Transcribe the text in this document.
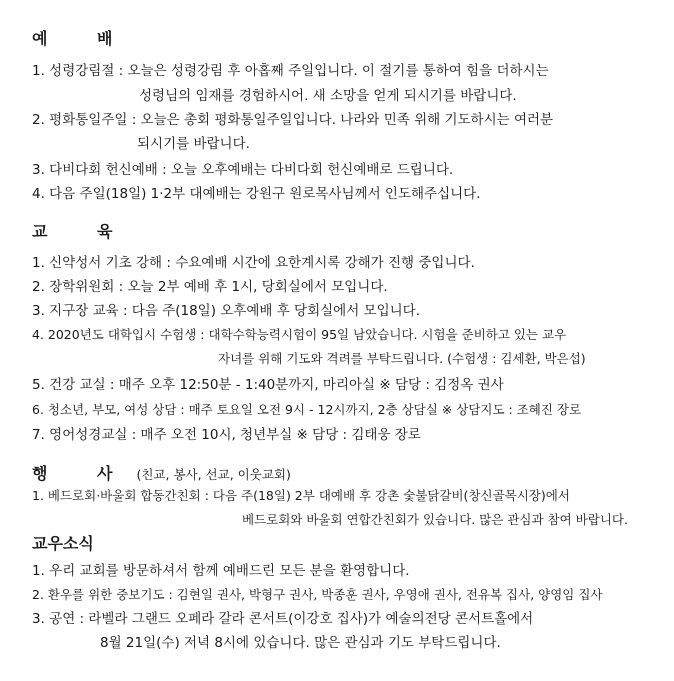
예 배
1. 성령강림절 : 오늘은 성령강림 후 아홉째 주일입니다. 이 절기를 통하여 힘을 더하시는
성령님의 임재를 경험하시어. 새 소망을 얻게 되시기를 바랍니다.
2. 평화통일주일 : 오늘은 총회 평화통일주일입니다. 나라와 민족 위해 기도하시는 여러분
되시기를 바랍니다.
3. 다비다회 헌신예배 : 오늘 오후예배는 다비다회 헌신예배로 드립니다.
4. 다음 주일(18일) 1·2부 대예배는 강원구 원로목사님께서 인도해주십니다.
교 육
1. 신약성서 기초 강해 : 수요예배 시간에 요한계시록 강해가 진행 중입니다.
2. 장학위원회 : 오늘 2부 예배 후 1시, 당회실에서 모입니다.
3. 지구장 교육 : 다음 주(18일) 오후예배 후 당회실에서 모입니다.
4. 2020년도 대학입시 수험생 : 대학수학능력시험이 95일 남았습니다. 시험을 준비하고 있는 교우
자녀를 위해 기도와 격려를 부탁드립니다. (수험생 : 김세환, 박은섭)
5. 건강 교실 : 매주 오후 12:50분 - 1:40분까지, 마리아실 ※ 담당 : 김정옥 권사
6. 청소년, 부모, 여성 상담 : 매주 토요일 오전 9시 - 12시까지, 2층 상담실 ※ 상담지도 : 조혜진 장로
7. 영어성경교실 : 매주 오전 10시, 청년부실 ※ 담당 : 김태웅 장로
행 사 (친교, 봉사, 선교, 이웃교회)
1. 베드로회·바울회 합동간친회 : 다음 주(18일) 2부 대예배 후 강촌 숯불닭갈비(창신골목시장)에서
베드로회와 바울회 연합간친회가 있습니다. 많은 관심과 참여 바랍니다.
교우소식
1. 우리 교회를 방문하셔서 함께 예배드린 모든 분을 환영합니다.
2. 환우를 위한 중보기도 : 김현일 권사, 박형구 권사, 박종훈 권사, 우영애 권사, 전유복 집사, 양영임 집사
3. 공연 : 라벨라 그랜드 오페라 갈라 콘서트(이강호 집사)가 예술의전당 콘서트홀에서
8월 21일(수) 저녁 8시에 있습니다. 많은 관심과 기도 부탁드립니다.
